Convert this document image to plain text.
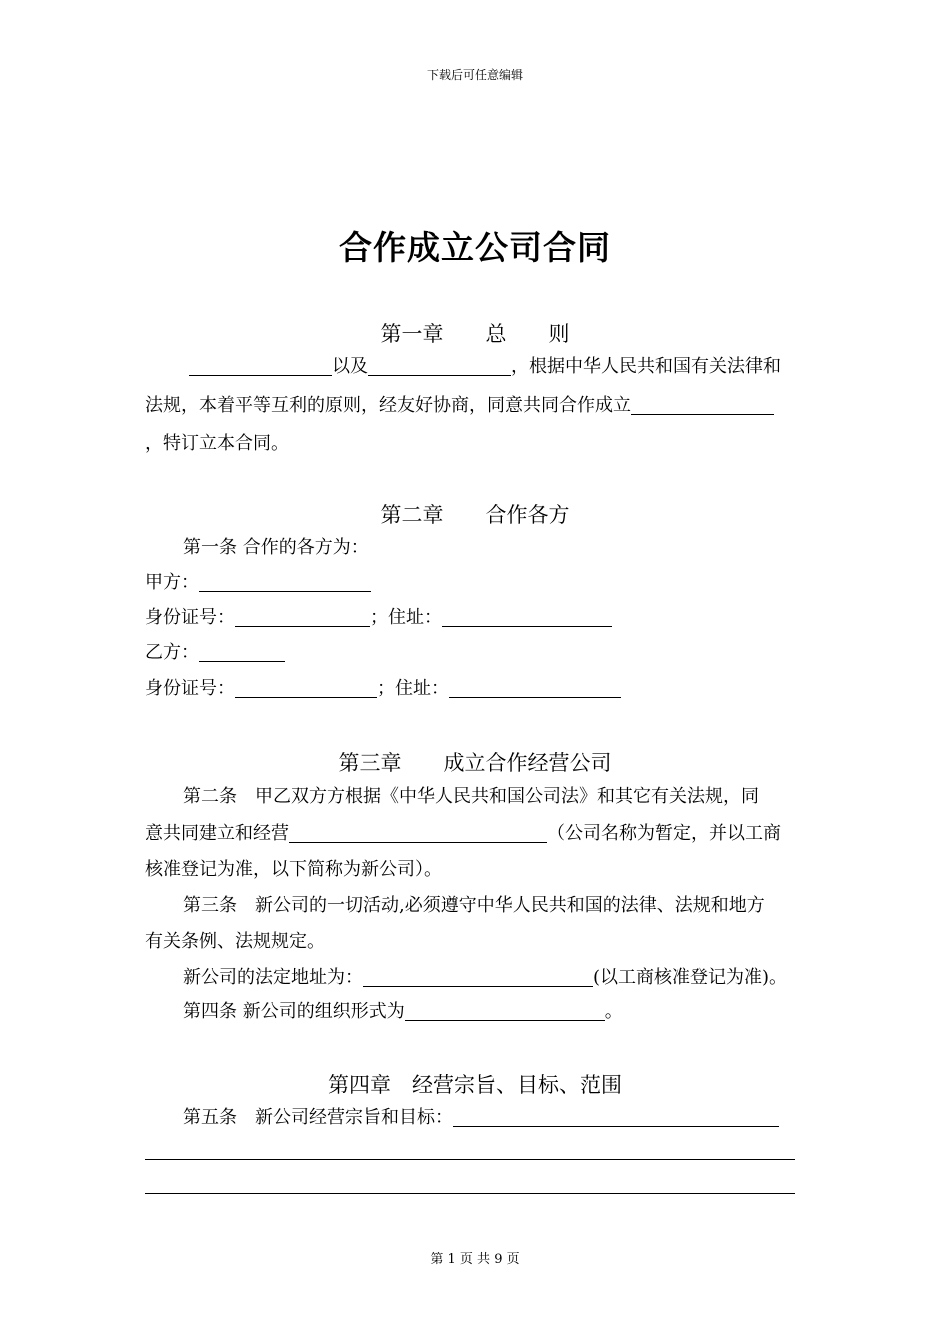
下载后可任意编辑
合作成立公司合同
第一章　　总　　则
以及	，根据中华人民共和国有关法律和
法规，本着平等互利的原则，经友好协商，同意共同合作成立
，特订立本合同。
第二章　　合作各方
第一条 合作的各方为：
甲方：
身份证号：	；住址：
乙方：
身份证号：	；住址：
第三章　　成立合作经营公司
第二条　甲乙双方方根据《中华人民共和国公司法》和其它有关法规，同
意共同建立和经营	（公司名称为暂定，并以工商
核准登记为准，以下简称为新公司）。
第三条　新公司的一切活动,必须遵守中华人民共和国的法律、法规和地方
有关条例、法规规定。
新公司的法定地址为：	(以工商核准登记为准)。
第四条 新公司的组织形式为	。
第四章　经营宗旨、目标、范围
第五条　新公司经营宗旨和目标：
第 1 页 共 9 页
